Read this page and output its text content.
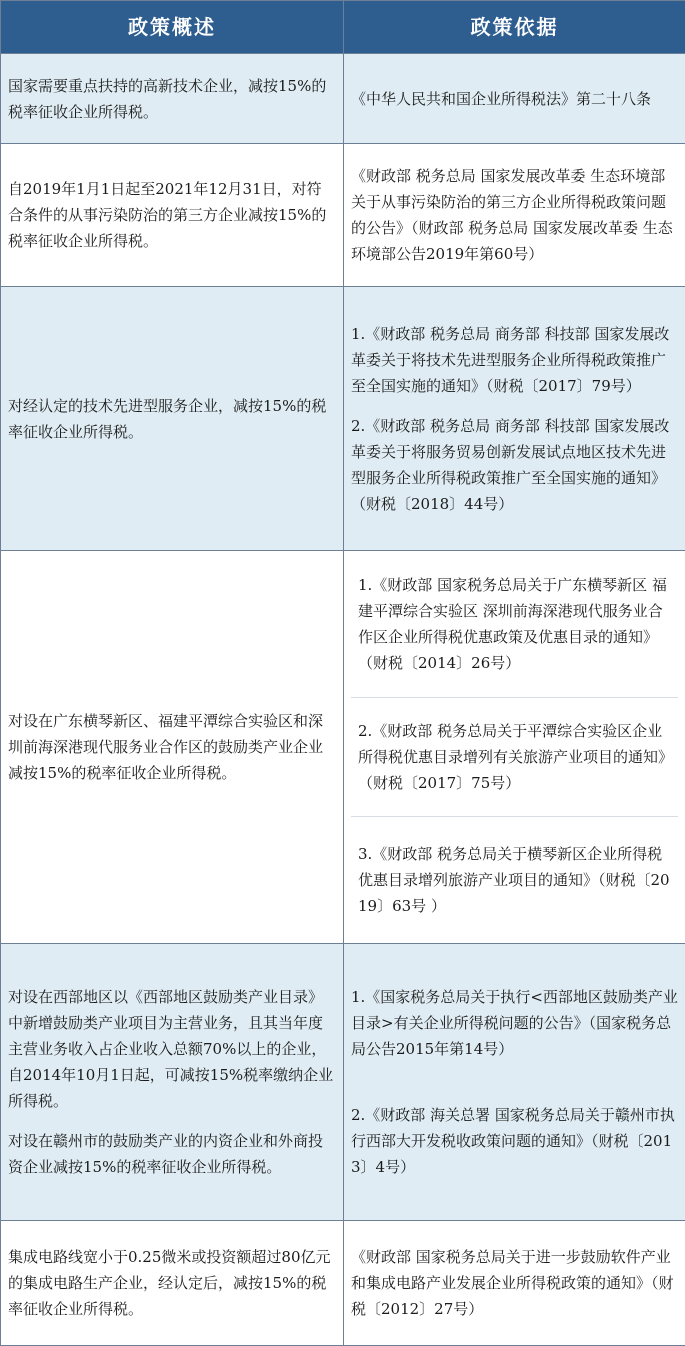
政策概述	政策依据

国家需要重点扶持的高新技术企业，减按15%的税率征收企业所得税。	《中华人民共和国企业所得税法》第二十八条

自2019年1月1日起至2021年12月31日，对符合条件的从事污染防治的第三方企业减按15%的税率征收企业所得税。	《财政部 税务总局 国家发展改革委 生态环境部关于从事污染防治的第三方企业所得税政策问题的公告》（财政部 税务总局 国家发展改革委 生态环境部公告2019年第60号）

对经认定的技术先进型服务企业，减按15%的税率征收企业所得税。	1.《财政部 税务总局 商务部 科技部 国家发展改革委关于将技术先进型服务企业所得税政策推广至全国实施的通知》（财税〔2017〕79号）
2.《财政部 税务总局 商务部 科技部 国家发展改革委关于将服务贸易创新发展试点地区技术先进型服务企业所得税政策推广至全国实施的通知》（财税〔2018〕44号）

对设在广东横琴新区、福建平潭综合实验区和深圳前海深港现代服务业合作区的鼓励类产业企业减按15%的税率征收企业所得税。	1.《财政部 国家税务总局关于广东横琴新区 福建平潭综合实验区 深圳前海深港现代服务业合作区企业所得税优惠政策及优惠目录的通知》 （财税〔2014〕26号）
2.《财政部 税务总局关于平潭综合实验区企业所得税优惠目录增列有关旅游产业项目的通知》（财税〔2017〕75号）
3.《财政部 税务总局关于横琴新区企业所得税优惠目录增列旅游产业项目的通知》（财税〔2019〕63号 ）

对设在西部地区以《西部地区鼓励类产业目录》中新增鼓励类产业项目为主营业务，且其当年度主营业务收入占企业收入总额70%以上的企业，自2014年10月1日起，可减按15%税率缴纳企业所得税。
对设在赣州市的鼓励类产业的内资企业和外商投资企业减按15%的税率征收企业所得税。	1.《国家税务总局关于执行<西部地区鼓励类产业目录>有关企业所得税问题的公告》（国家税务总局公告2015年第14号）
2.《财政部 海关总署 国家税务总局关于赣州市执行西部大开发税收政策问题的通知》（财税〔2013〕4号）

集成电路线宽小于0.25微米或投资额超过80亿元的集成电路生产企业，经认定后，减按15%的税率征收企业所得税。	《财政部 国家税务总局关于进一步鼓励软件产业和集成电路产业发展企业所得税政策的通知》（财税〔2012〕27号）
